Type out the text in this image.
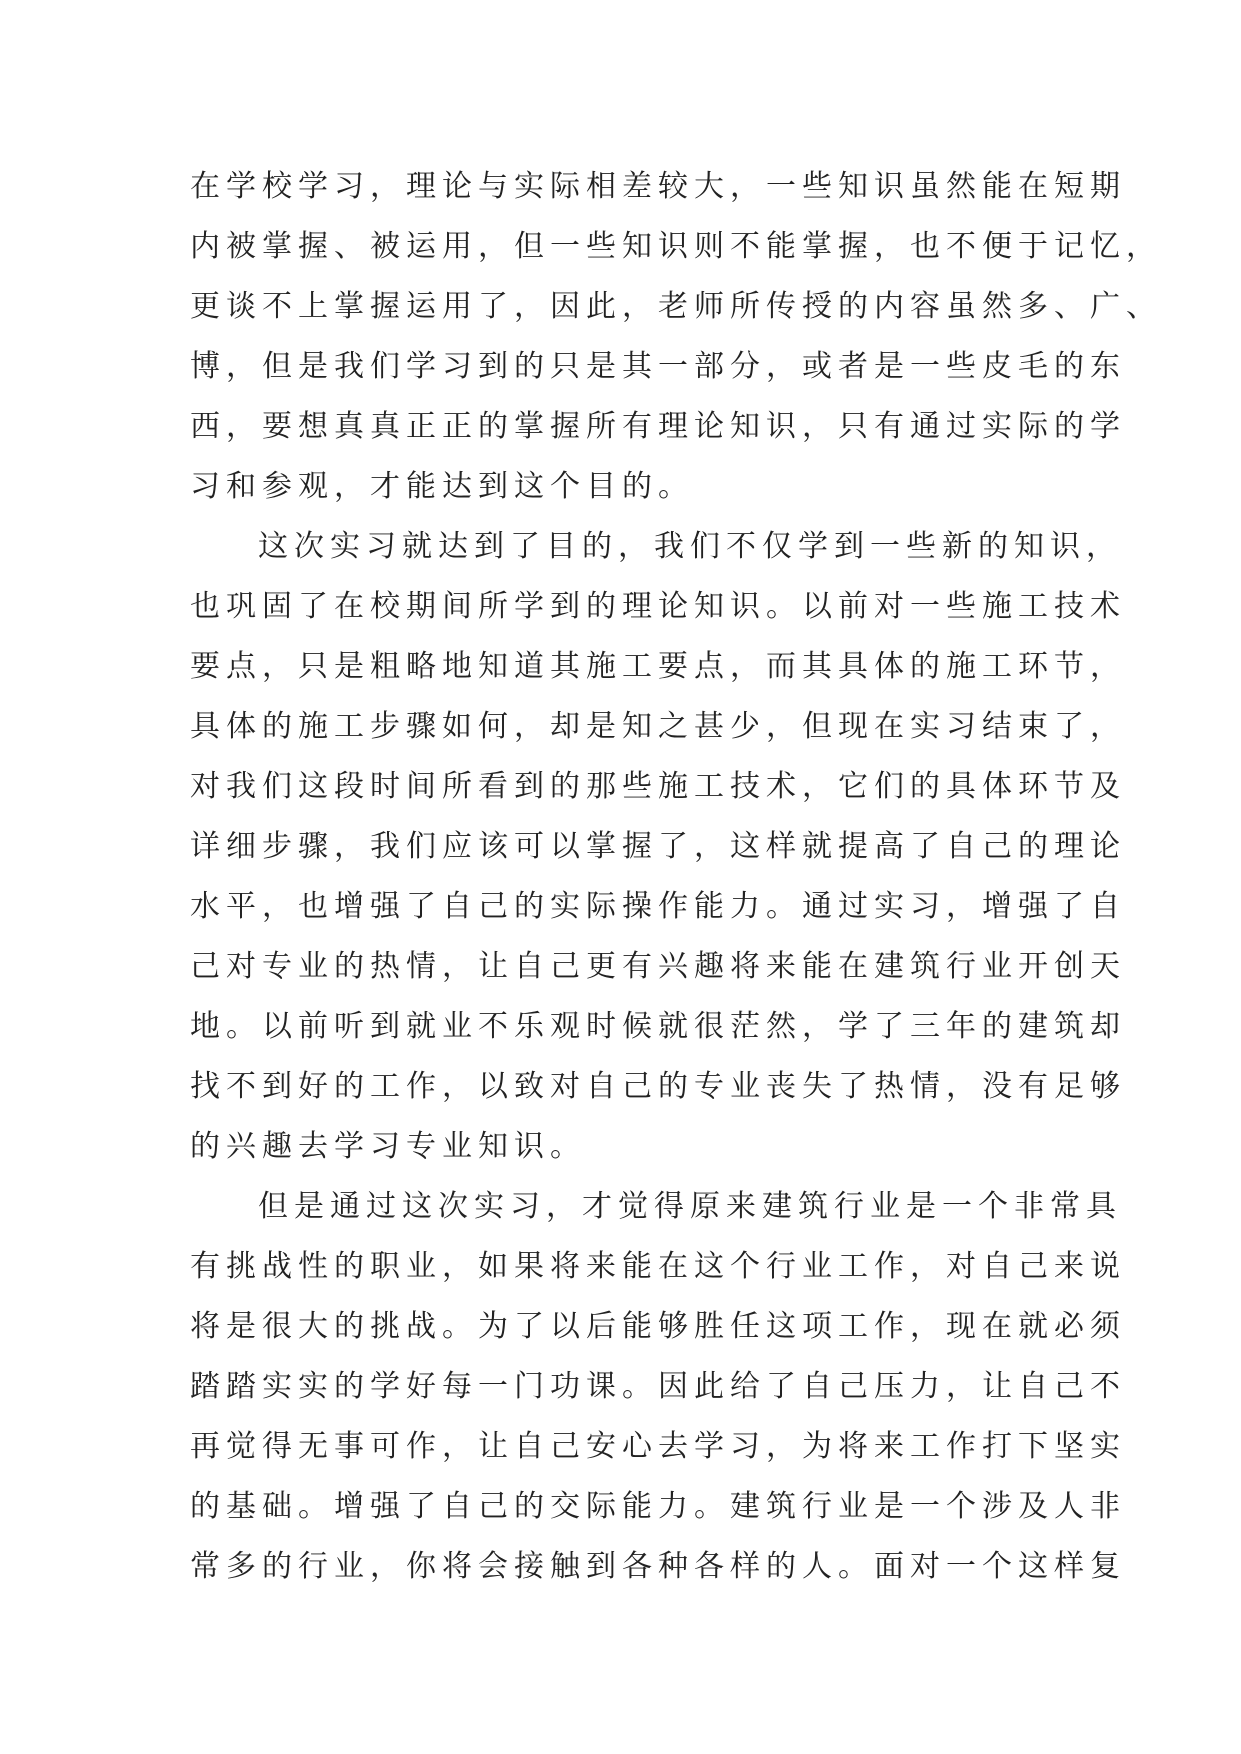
在学校学习，理论与实际相差较大，一些知识虽然能在短期
内被掌握、被运用，但一些知识则不能掌握，也不便于记忆，
更谈不上掌握运用了，因此，老师所传授的内容虽然多、广、
博，但是我们学习到的只是其一部分，或者是一些皮毛的东
西，要想真真正正的掌握所有理论知识，只有通过实际的学
习和参观，才能达到这个目的。
这次实习就达到了目的，我们不仅学到一些新的知识，
也巩固了在校期间所学到的理论知识。以前对一些施工技术
要点，只是粗略地知道其施工要点，而其具体的施工环节，
具体的施工步骤如何，却是知之甚少，但现在实习结束了，
对我们这段时间所看到的那些施工技术，它们的具体环节及
详细步骤，我们应该可以掌握了，这样就提高了自己的理论
水平，也增强了自己的实际操作能力。通过实习，增强了自
己对专业的热情，让自己更有兴趣将来能在建筑行业开创天
地。以前听到就业不乐观时候就很茫然，学了三年的建筑却
找不到好的工作，以致对自己的专业丧失了热情，没有足够
的兴趣去学习专业知识。
但是通过这次实习，才觉得原来建筑行业是一个非常具
有挑战性的职业，如果将来能在这个行业工作，对自己来说
将是很大的挑战。为了以后能够胜任这项工作，现在就必须
踏踏实实的学好每一门功课。因此给了自己压力，让自己不
再觉得无事可作，让自己安心去学习，为将来工作打下坚实
的基础。增强了自己的交际能力。建筑行业是一个涉及人非
常多的行业，你将会接触到各种各样的人。面对一个这样复
